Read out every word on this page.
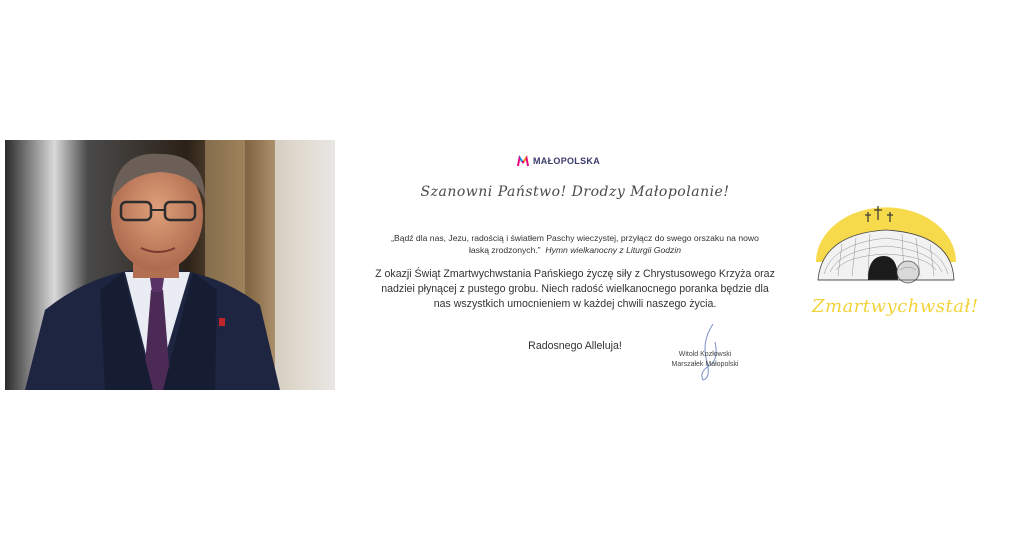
MAŁOPOLSKA
Szanowni Państwo! Drodzy Małopolanie!
„Bądź dla nas, Jezu, radością i światłem Paschy wieczystej, przyłącz do swego orszaku na nowo łaską zrodzonych.” Hymn wielkanocny z Liturgii Godzin
Z okazji Świąt Zmartwychwstania Pańskiego życzę siły z Chrystusowego Krzyża oraz nadziei płynącej z pustego grobu. Niech radość wielkanocnego poranka będzie dla nas wszystkich umocnieniem w każdej chwili naszego życia.
Radosnego Alleluja!
Witold Kozłowski
Marszałek Małopolski
Zmartwychwstał!
